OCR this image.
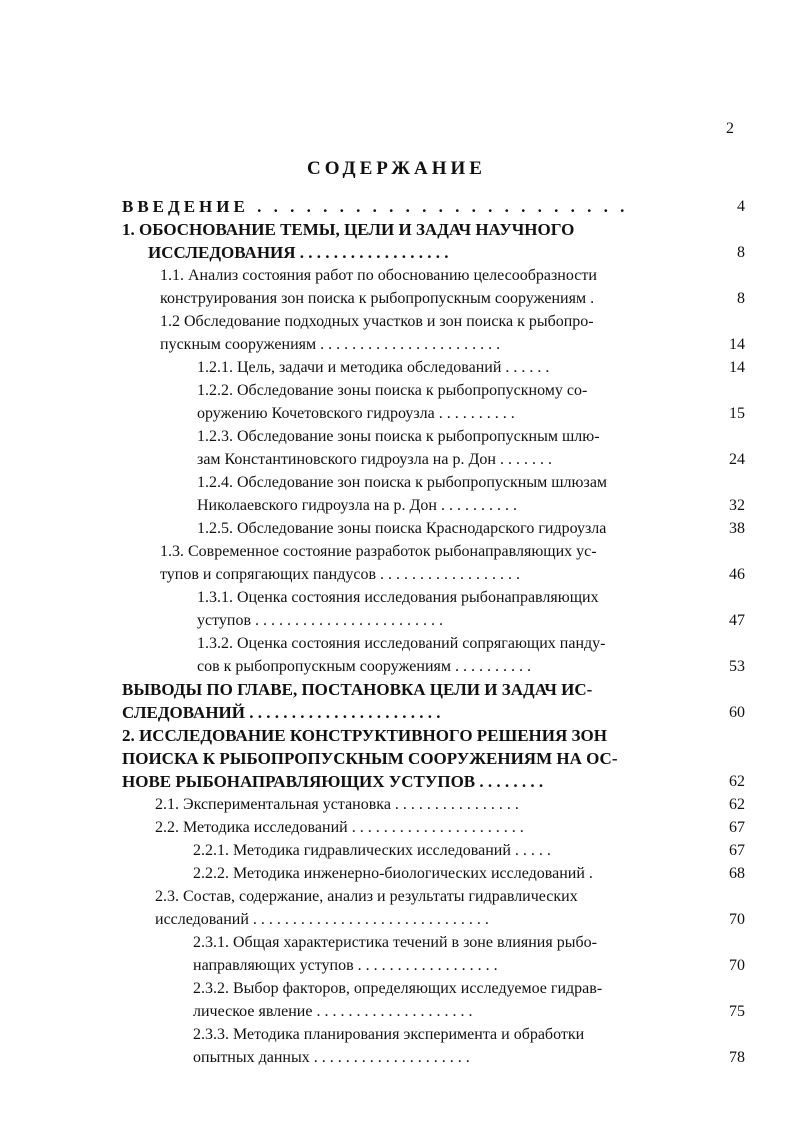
2
СОДЕРЖАНИЕ
ВВЕДЕНИЕ . . . . . . . . . . . . . . . . . . . . . . .	4
1. ОБОСНОВАНИЕ ТЕМЫ, ЦЕЛИ И ЗАДАЧ НАУЧНОГО
ИССЛЕДОВАНИЯ . . . . . . . . . . . . . . . . . .	8
1.1. Анализ состояния работ по обоснованию целесообразности
конструирования зон поиска к рыбопропускным сооружениям .	8
1.2 Обследование подходных участков и зон поиска к рыбопро-
пускным сооружениям . . . . . . . . . . . . . . . . . . . . . . .	14
1.2.1. Цель, задачи и методика обследований . . . . . .	14
1.2.2. Обследование зоны поиска к рыбопропускному со-
оружению Кочетовского гидроузла . . . . . . . . . .	15
1.2.3. Обследование зоны поиска к рыбопропускным шлю-
зам Константиновского гидроузла на р. Дон . . . . . . .	24
1.2.4. Обследование зон поиска к рыбопропускным шлюзам
Николаевского гидроузла на р. Дон . . . . . . . . . .	32
1.2.5. Обследование зоны поиска Краснодарского гидроузла	38
1.3. Современное состояние разработок рыбонаправляющих ус-
тупов и сопрягающих пандусов . . . . . . . . . . . . . . . . . .	46
1.3.1. Оценка состояния исследования рыбонаправляющих
уступов . . . . . . . . . . . . . . . . . . . . . . . .	47
1.3.2. Оценка состояния исследований сопрягающих панду-
сов к рыбопропускным сооружениям . . . . . . . . . .	53
ВЫВОДЫ ПО ГЛАВЕ, ПОСТАНОВКА ЦЕЛИ И ЗАДАЧ ИС-
СЛЕДОВАНИЙ . . . . . . . . . . . . . . . . . . . . . . .	60
2. ИССЛЕДОВАНИЕ КОНСТРУКТИВНОГО РЕШЕНИЯ ЗОН
ПОИСКА К РЫБОПРОПУСКНЫМ СООРУЖЕНИЯМ НА ОС-
НОВЕ РЫБОНАПРАВЛЯЮЩИХ УСТУПОВ . . . . . . . .	62
2.1. Экспериментальная установка . . . . . . . . . . . . . . . .	62
2.2. Методика исследований . . . . . . . . . . . . . . . . . . . . . .	67
2.2.1. Методика гидравлических исследований . . . . .	67
2.2.2. Методика инженерно-биологических исследований .	68
2.3. Состав, содержание, анализ и результаты гидравлических
исследований . . . . . . . . . . . . . . . . . . . . . . . . . . . . . .	70
2.3.1. Общая характеристика течений в зоне влияния рыбо-
направляющих уступов . . . . . . . . . . . . . . . . . .	70
2.3.2. Выбор факторов, определяющих исследуемое гидрав-
лическое явление . . . . . . . . . . . . . . . . . . . .	75
2.3.3. Методика планирования эксперимента и обработки
опытных данных . . . . . . . . . . . . . . . . . . . .	78
